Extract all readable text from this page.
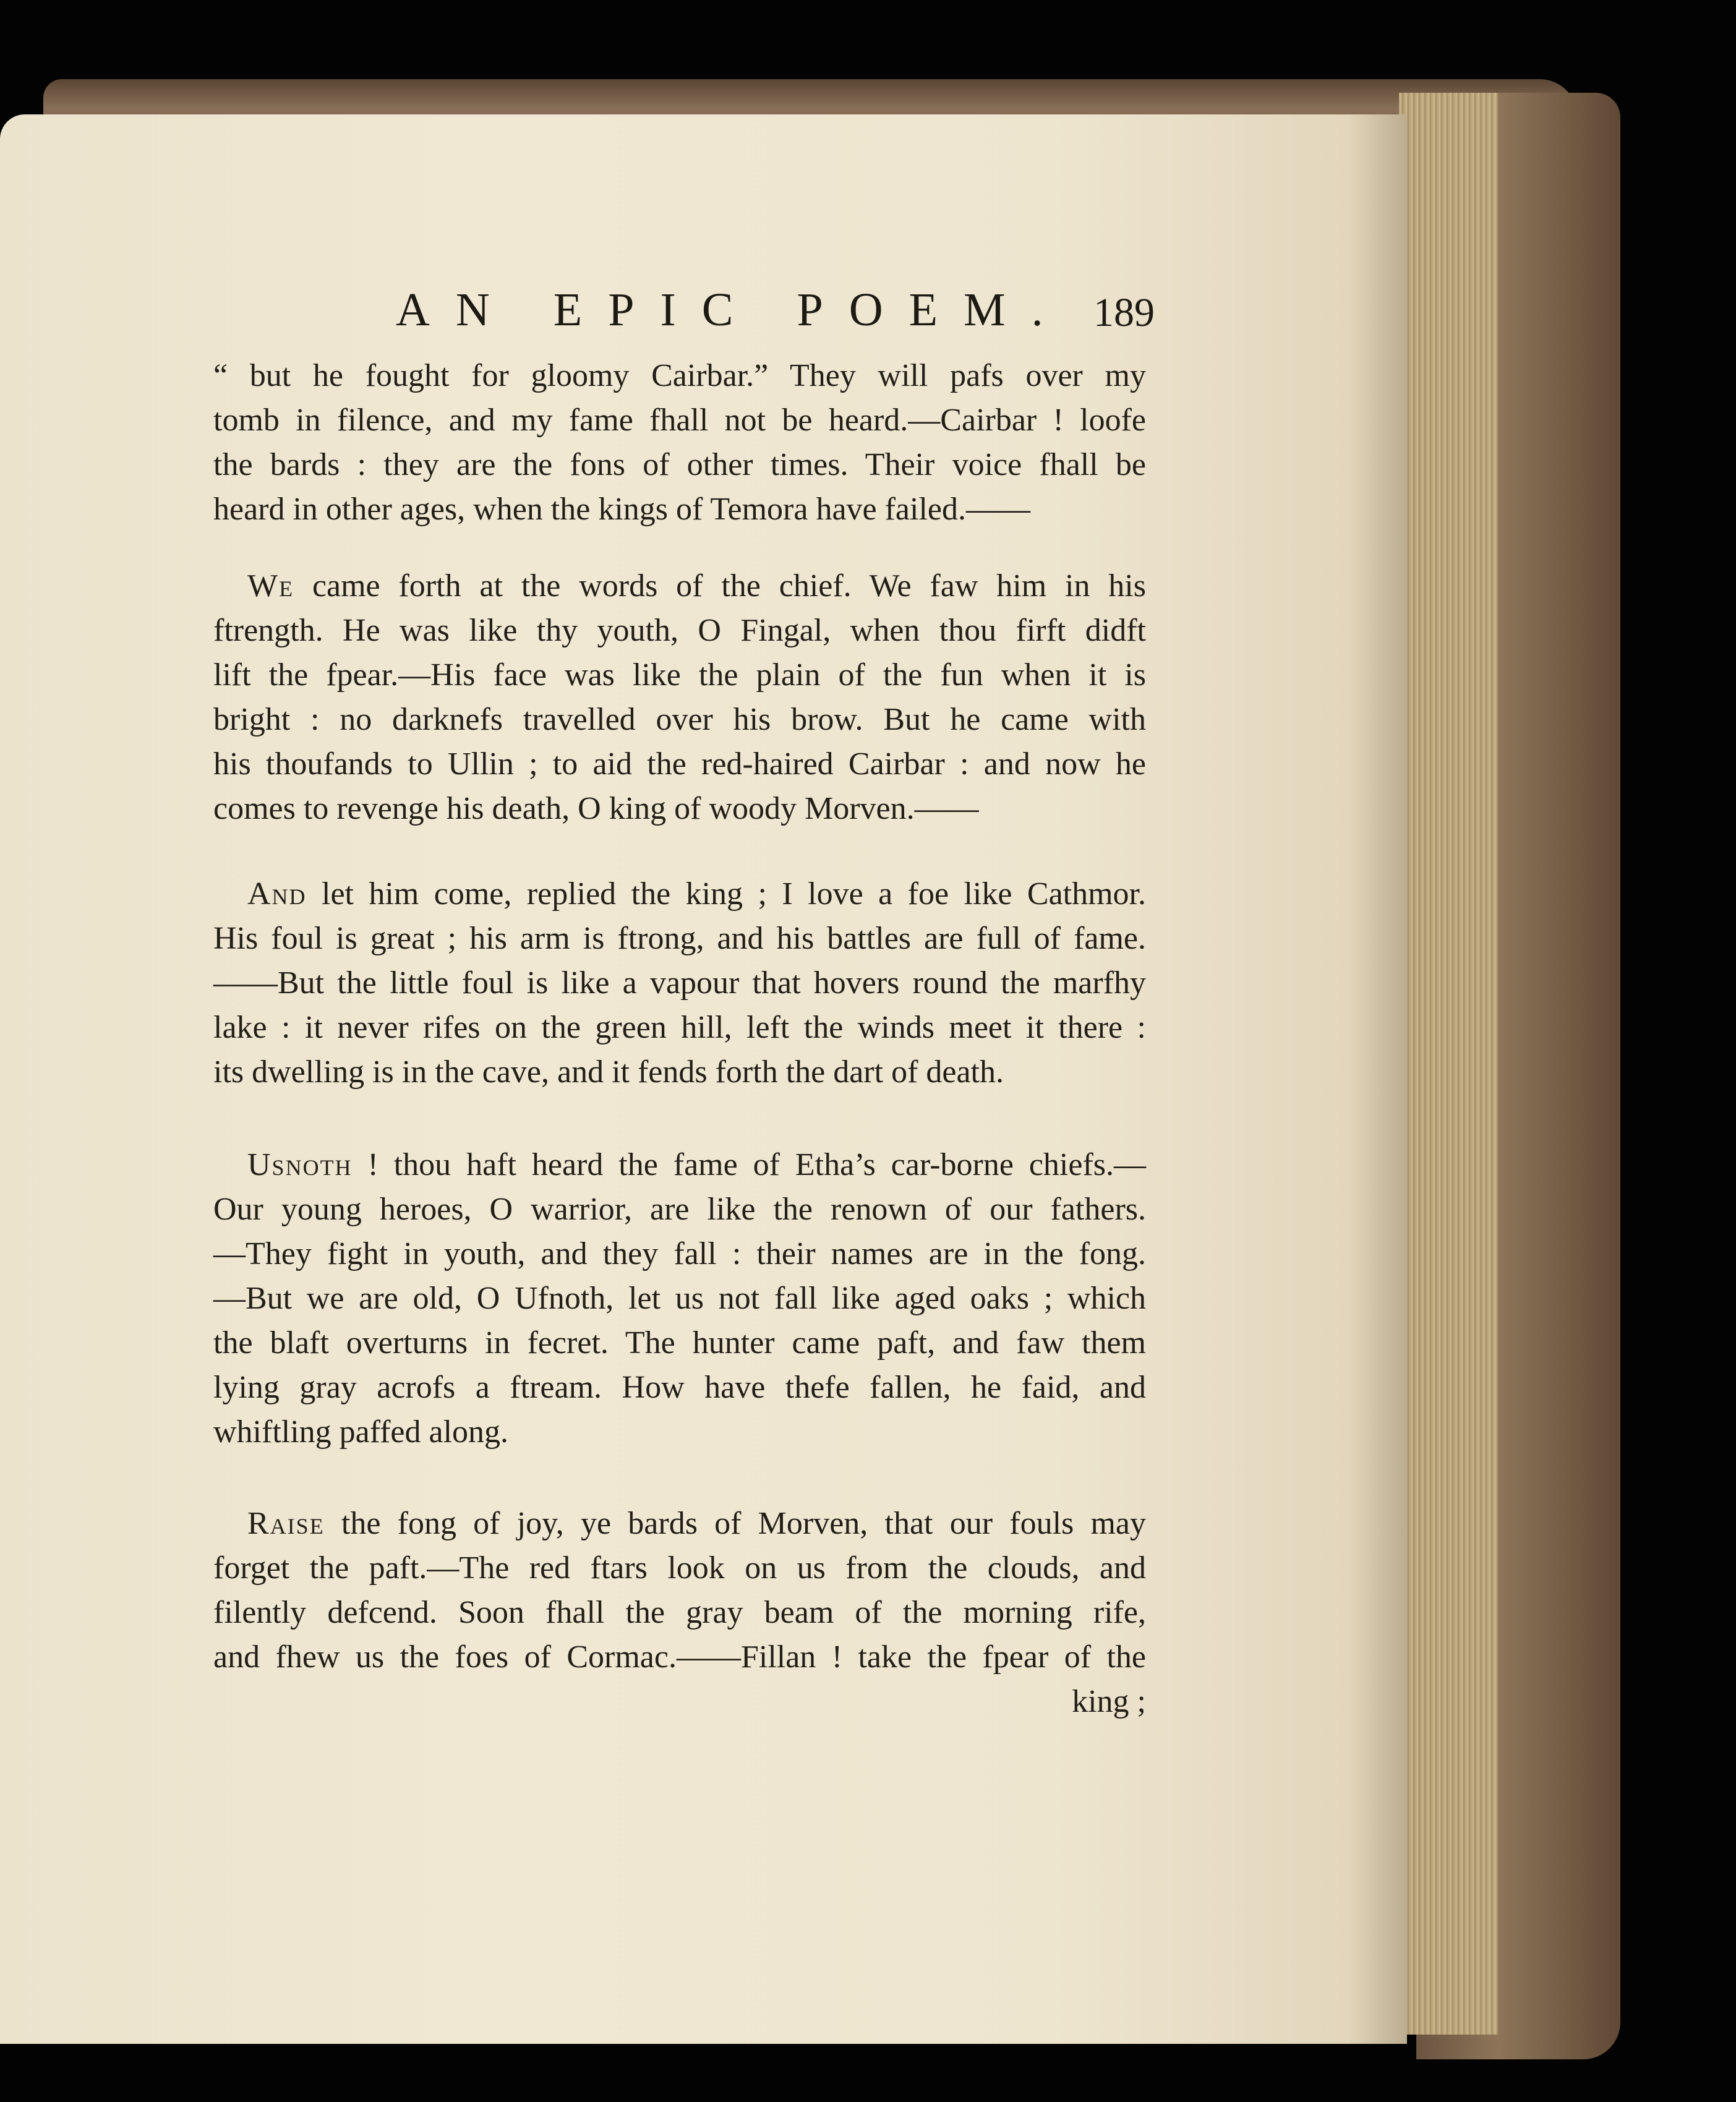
AN EPIC POEM. 189
“ but he fought for gloomy Cairbar.” They will pafs over my
tomb in filence, and my fame fhall not be heard.—Cairbar ! loofe
the bards : they are the fons of other times. Their voice fhall be
heard in other ages, when the kings of Temora have failed.——
We came forth at the words of the chief. We faw him in his
ftrength. He was like thy youth, O Fingal, when thou firft didft
lift the fpear.—His face was like the plain of the fun when it is
bright : no darknefs travelled over his brow. But he came with
his thoufands to Ullin ; to aid the red-haired Cairbar : and now he
comes to revenge his death, O king of woody Morven.——
And let him come, replied the king ; I love a foe like Cathmor.
His foul is great ; his arm is ftrong, and his battles are full of fame.
——But the little foul is like a vapour that hovers round the marfhy
lake : it never rifes on the green hill, left the winds meet it there :
its dwelling is in the cave, and it fends forth the dart of death.
Usnoth ! thou haft heard the fame of Etha’s car-borne chiefs.—
Our young heroes, O warrior, are like the renown of our fathers.
—They fight in youth, and they fall : their names are in the fong.
—But we are old, O Ufnoth, let us not fall like aged oaks ; which
the blaft overturns in fecret. The hunter came paft, and faw them
lying gray acrofs a ftream. How have thefe fallen, he faid, and
whiftling paffed along.
Raise the fong of joy, ye bards of Morven, that our fouls may
forget the paft.—The red ftars look on us from the clouds, and
filently defcend. Soon fhall the gray beam of the morning rife,
and fhew us the foes of Cormac.——Fillan ! take the fpear of the
king ;
